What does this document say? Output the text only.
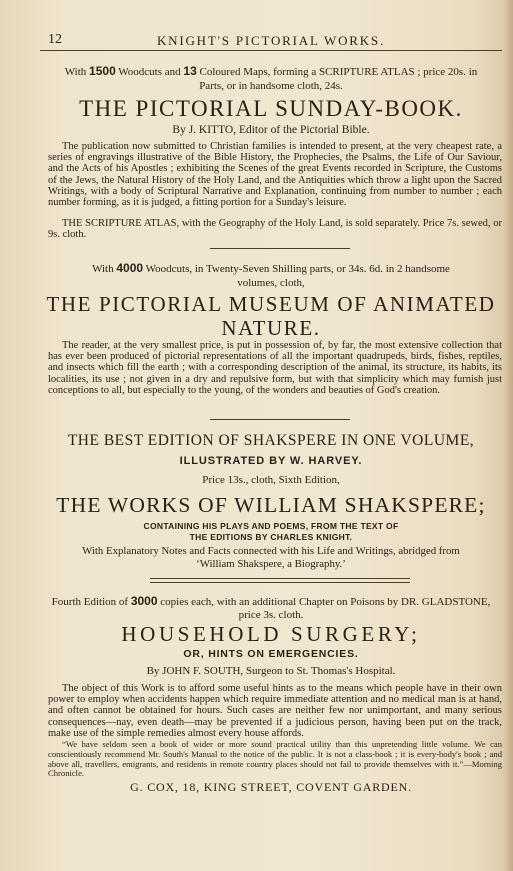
12	KNIGHT'S PICTORIAL WORKS.
With 1500 Woodcuts and 13 Coloured Maps, forming a SCRIPTURE ATLAS ; price 20s. in
Parts, or in handsome cloth, 24s.
THE PICTORIAL SUNDAY-BOOK.
By J. KITTO, Editor of the Pictorial Bible.
The publication now submitted to Christian families is intended to present, at the very cheapest rate, a series of engravings illustrative of the Bible History, the Prophecies, the Psalms, the Life of Our Saviour, and the Acts of his Apostles ; exhibiting the Scenes of the great Events recorded in Scripture, the Customs of the Jews, the Natural History of the Holy Land, and the Antiquities which throw a light upon the Sacred Writings, with a body of Scriptural Narrative and Explanation, continuing from number to number ; each number forming, as it is judged, a fitting portion for a Sunday's leisure.
THE SCRIPTURE ATLAS, with the Geography of the Holy Land, is sold separately. Price 7s. sewed, or 9s. cloth.
With 4000 Woodcuts, in Twenty-Seven Shilling parts, or 34s. 6d. in 2 handsome
volumes, cloth,
THE PICTORIAL MUSEUM OF ANIMATED
NATURE.
The reader, at the very smallest price, is put in possession of, by far, the most extensive collection that has ever been produced of pictorial representations of all the important quadrupeds, birds, fishes, reptiles, and insects which fill the earth ; with a corresponding description of the animal, its structure, its habits, its localities, its use ; not given in a dry and repulsive form, but with that simplicity which may furnish just conceptions to all, but especially to the young, of the wonders and beauties of God's creation.
THE BEST EDITION OF SHAKSPERE IN ONE VOLUME,
ILLUSTRATED BY W. HARVEY.
Price 13s., cloth, Sixth Edition,
THE WORKS OF WILLIAM SHAKSPERE;
CONTAINING HIS PLAYS AND POEMS, FROM THE TEXT OF
THE EDITIONS BY CHARLES KNIGHT.
With Explanatory Notes and Facts connected with his Life and Writings, abridged from
‘William Shakspere, a Biography.’
Fourth Edition of 3000 copies each, with an additional Chapter on Poisons by DR. GLADSTONE,
price 3s. cloth.
HOUSEHOLD SURGERY;
OR, HINTS ON EMERGENCIES.
By JOHN F. SOUTH, Surgeon to St. Thomas's Hospital.
The object of this Work is to afford some useful hints as to the means which people have in their own power to employ when accidents happen which require immediate attention and no medical man is at hand, and often cannot be obtained for hours. Such cases are neither few nor unimportant, and many serious consequences—nay, even death—may be prevented if a judicious person, having been put on the track, make use of the simple remedies almost every house affords.
“We have seldom seen a book of wider or more sound practical utility than this unpretending little volume. We can conscientiously recommend Mr. South's Manual to the notice of the public. It is not a class-book ; it is every-body's book ; and above all, travellers, emigrants, and residents in remote country places should not fail to provide themselves with it.”—Morning Chronicle.
G. COX, 18, KING STREET, COVENT GARDEN.
